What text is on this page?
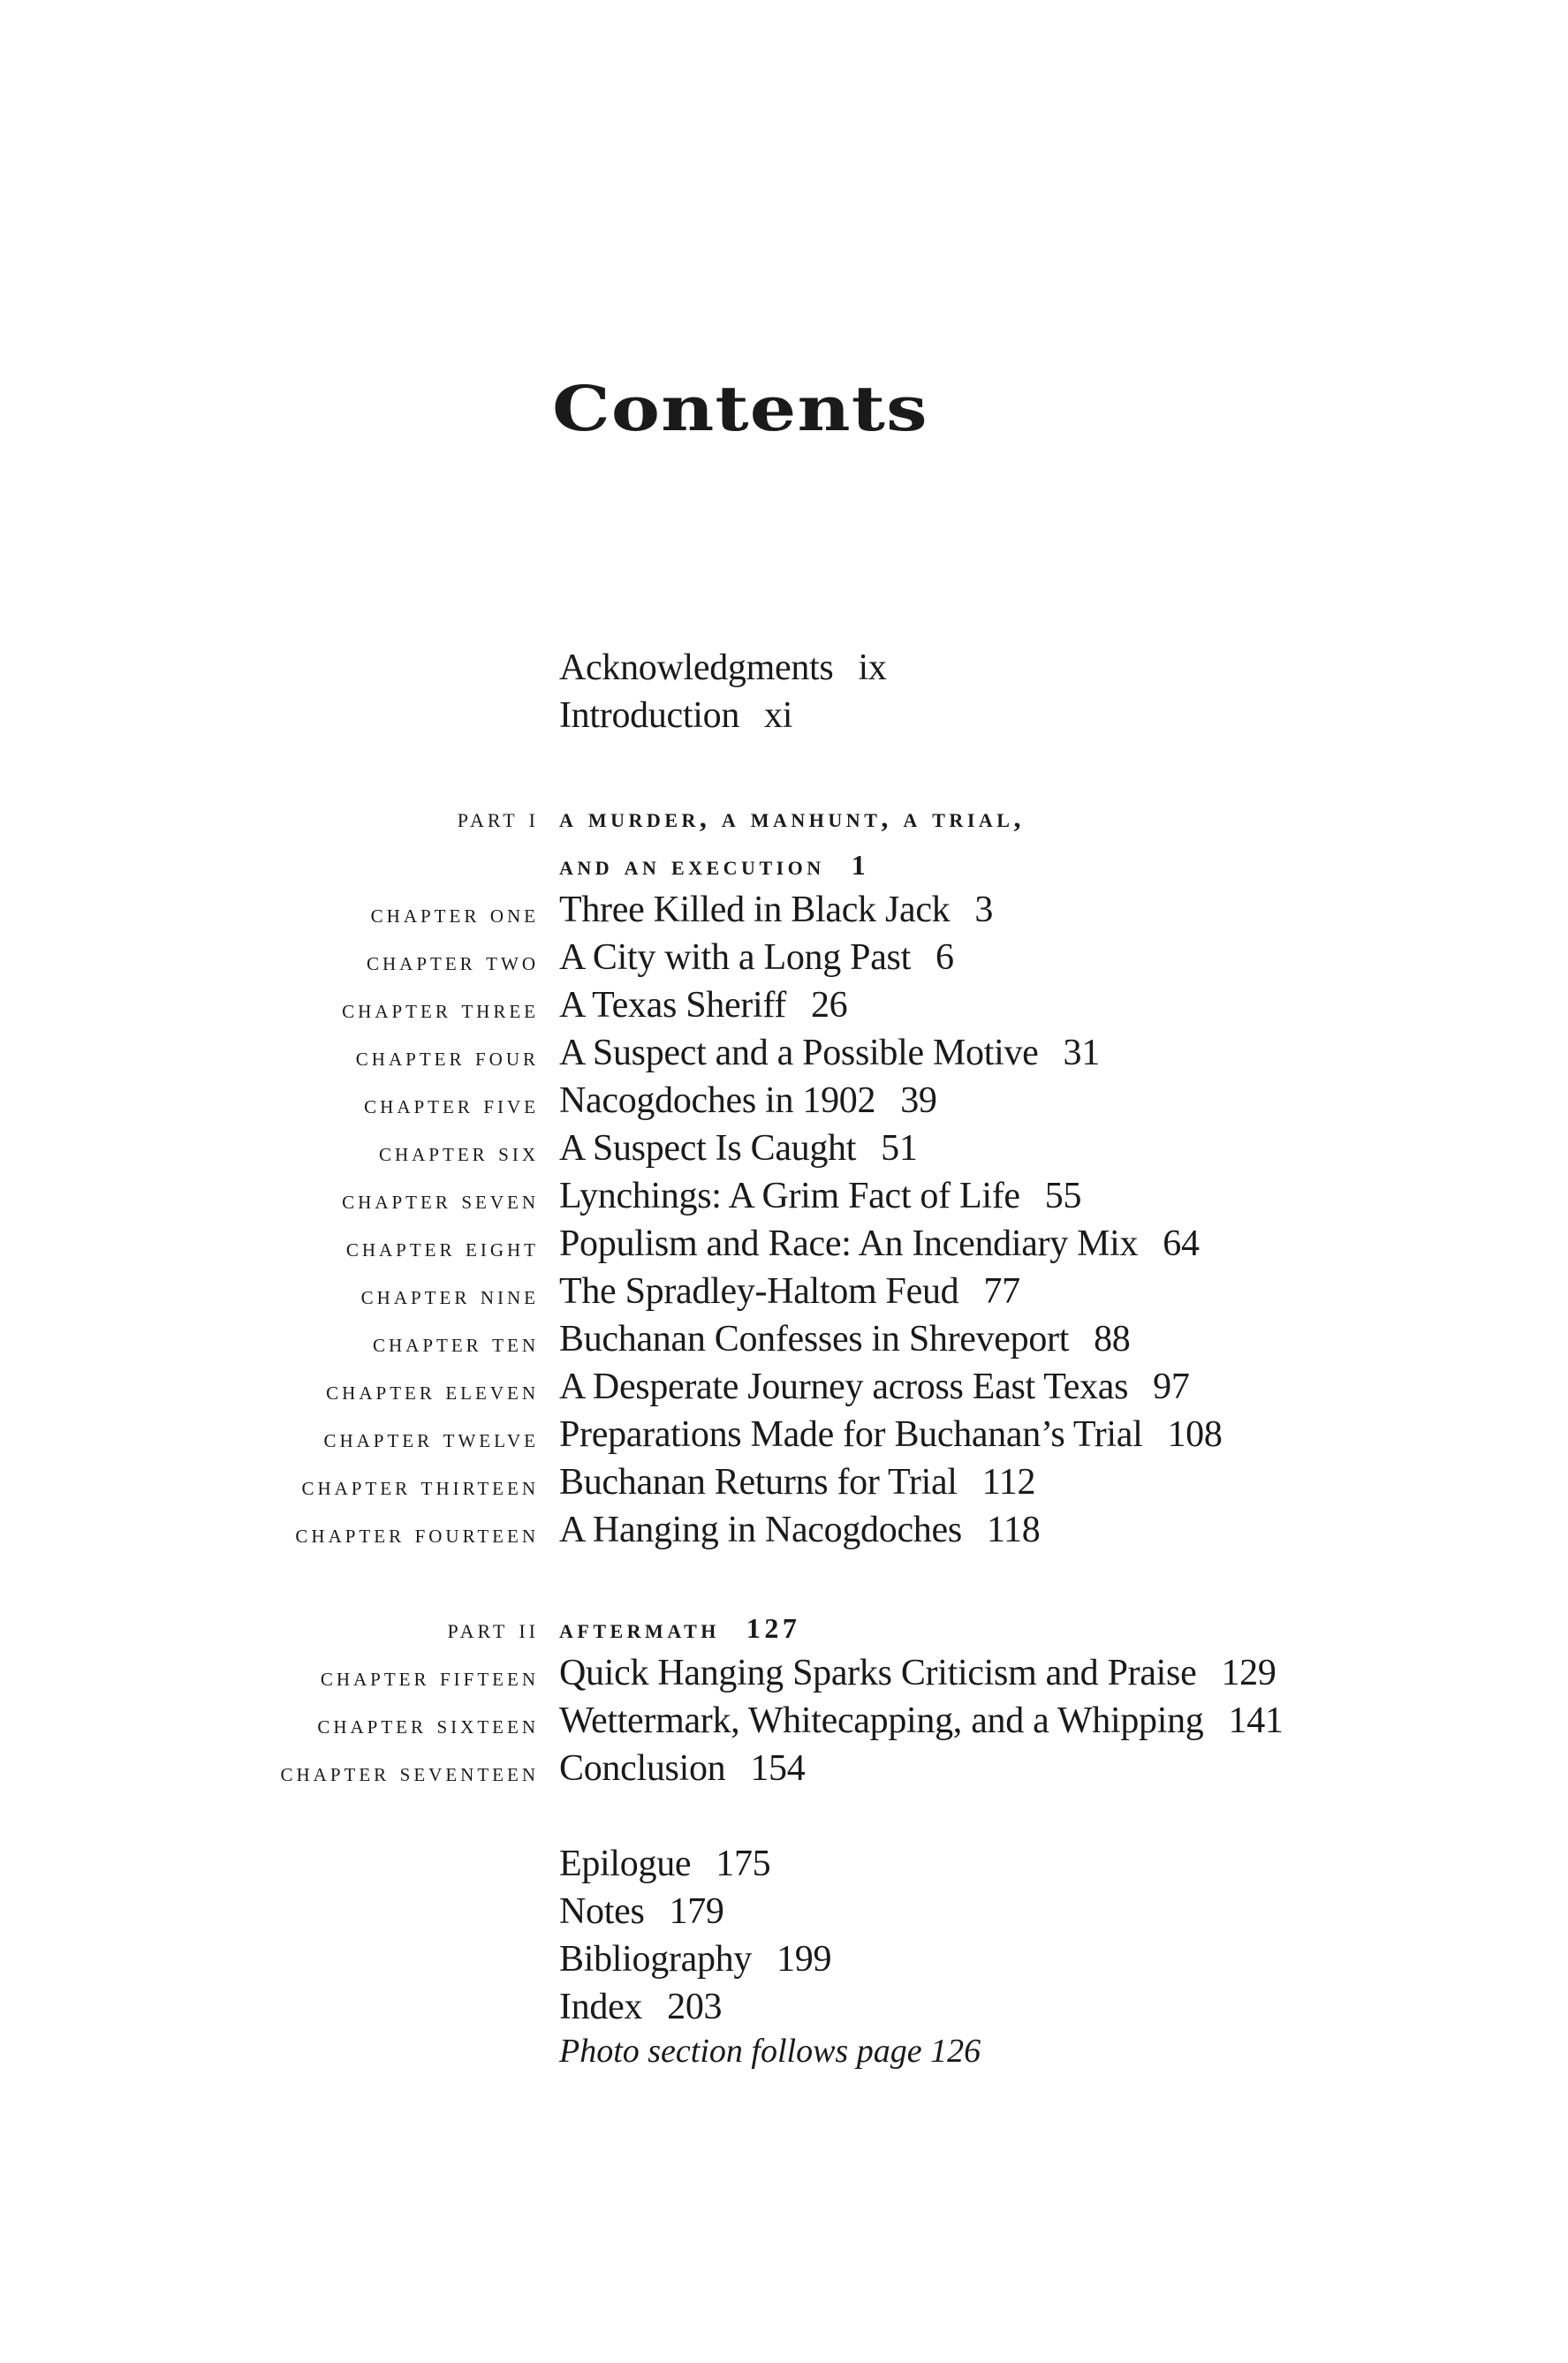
Contents
Acknowledgments ix
Introduction xi
part i a murder, a manhunt, a trial,
and an execution 1
chapter one Three Killed in Black Jack 3
chapter two A City with a Long Past 6
chapter three A Texas Sheriff 26
chapter four A Suspect and a Possible Motive 31
chapter five Nacogdoches in 1902 39
chapter six A Suspect Is Caught 51
chapter seven Lynchings: A Grim Fact of Life 55
chapter eight Populism and Race: An Incendiary Mix 64
chapter nine The Spradley-Haltom Feud 77
chapter ten Buchanan Confesses in Shreveport 88
chapter eleven A Desperate Journey across East Texas 97
chapter twelve Preparations Made for Buchanan’s Trial 108
chapter thirteen Buchanan Returns for Trial 112
chapter fourteen A Hanging in Nacogdoches 118
part ii aftermath 127
chapter fifteen Quick Hanging Sparks Criticism and Praise 129
chapter sixteen Wettermark, Whitecapping, and a Whipping 141
chapter seventeen Conclusion 154
Epilogue 175
Notes 179
Bibliography 199
Index 203
Photo section follows page 126
